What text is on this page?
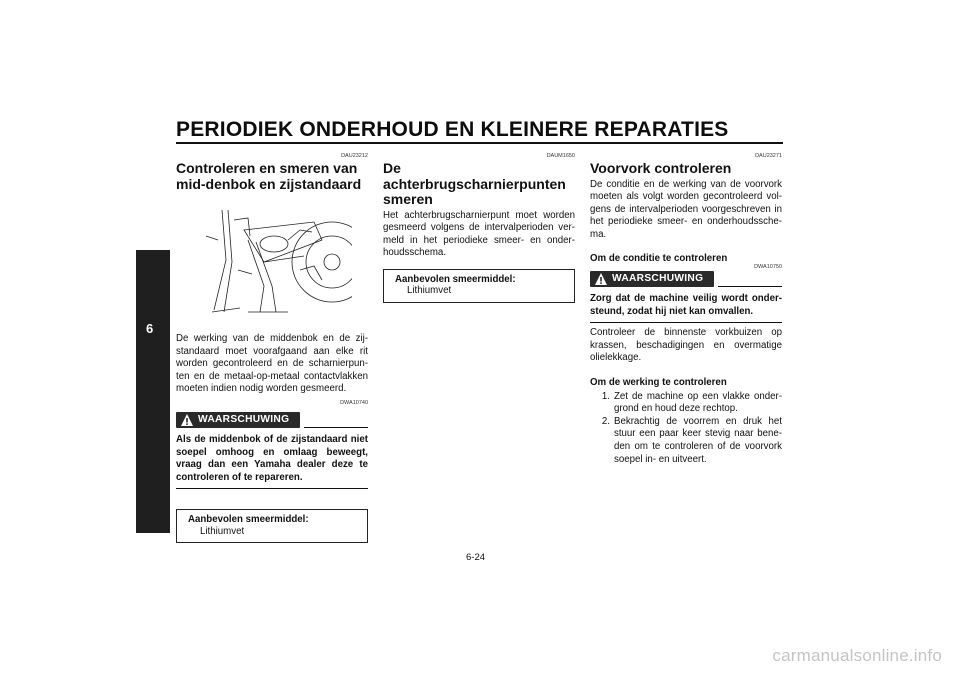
PERIODIEK ONDERHOUD EN KLEINERE REPARATIES
6
DAU23212
Controleren en smeren van mid-denbok en zijstandaard
De werking van de middenbok en de zij-standaard moet voorafgaand aan elke rit worden gecontroleerd en de scharnierpun-ten en de metaal-op-metaal contactvlakken moeten indien nodig worden gesmeerd.
DWA10740
WAARSCHUWING
Als de middenbok of de zijstandaard niet soepel omhoog en omlaag beweegt, vraag dan een Yamaha dealer deze te controleren of te repareren.
Aanbevolen smeermiddel:
Lithiumvet
DAUM1650
De achterbrugscharnierpunten smeren
Het achterbrugscharnierpunt moet worden gesmeerd volgens de intervalperioden ver-meld in het periodieke smeer- en onder-houdsschema.
Aanbevolen smeermiddel:
Lithiumvet
DAU23271
Voorvork controleren
De conditie en de werking van de voorvork moeten als volgt worden gecontroleerd vol-gens de intervalperioden voorgeschreven in het periodieke smeer- en onderhoudssche-ma.
Om de conditie te controleren
WAARSCHUWING
DWA10750
Zorg dat de machine veilig wordt onder-steund, zodat hij niet kan omvallen.
Controleer de binnenste vorkbuizen op krassen, beschadigingen en overmatige olielekkage.
Om de werking te controleren
1. Zet de machine op een vlakke onder-grond en houd deze rechtop.
2. Bekrachtig de voorrem en druk het stuur een paar keer stevig naar bene-den om te controleren of de voorvork soepel in- en uitveert.
6-24
carmanualsonline.info
